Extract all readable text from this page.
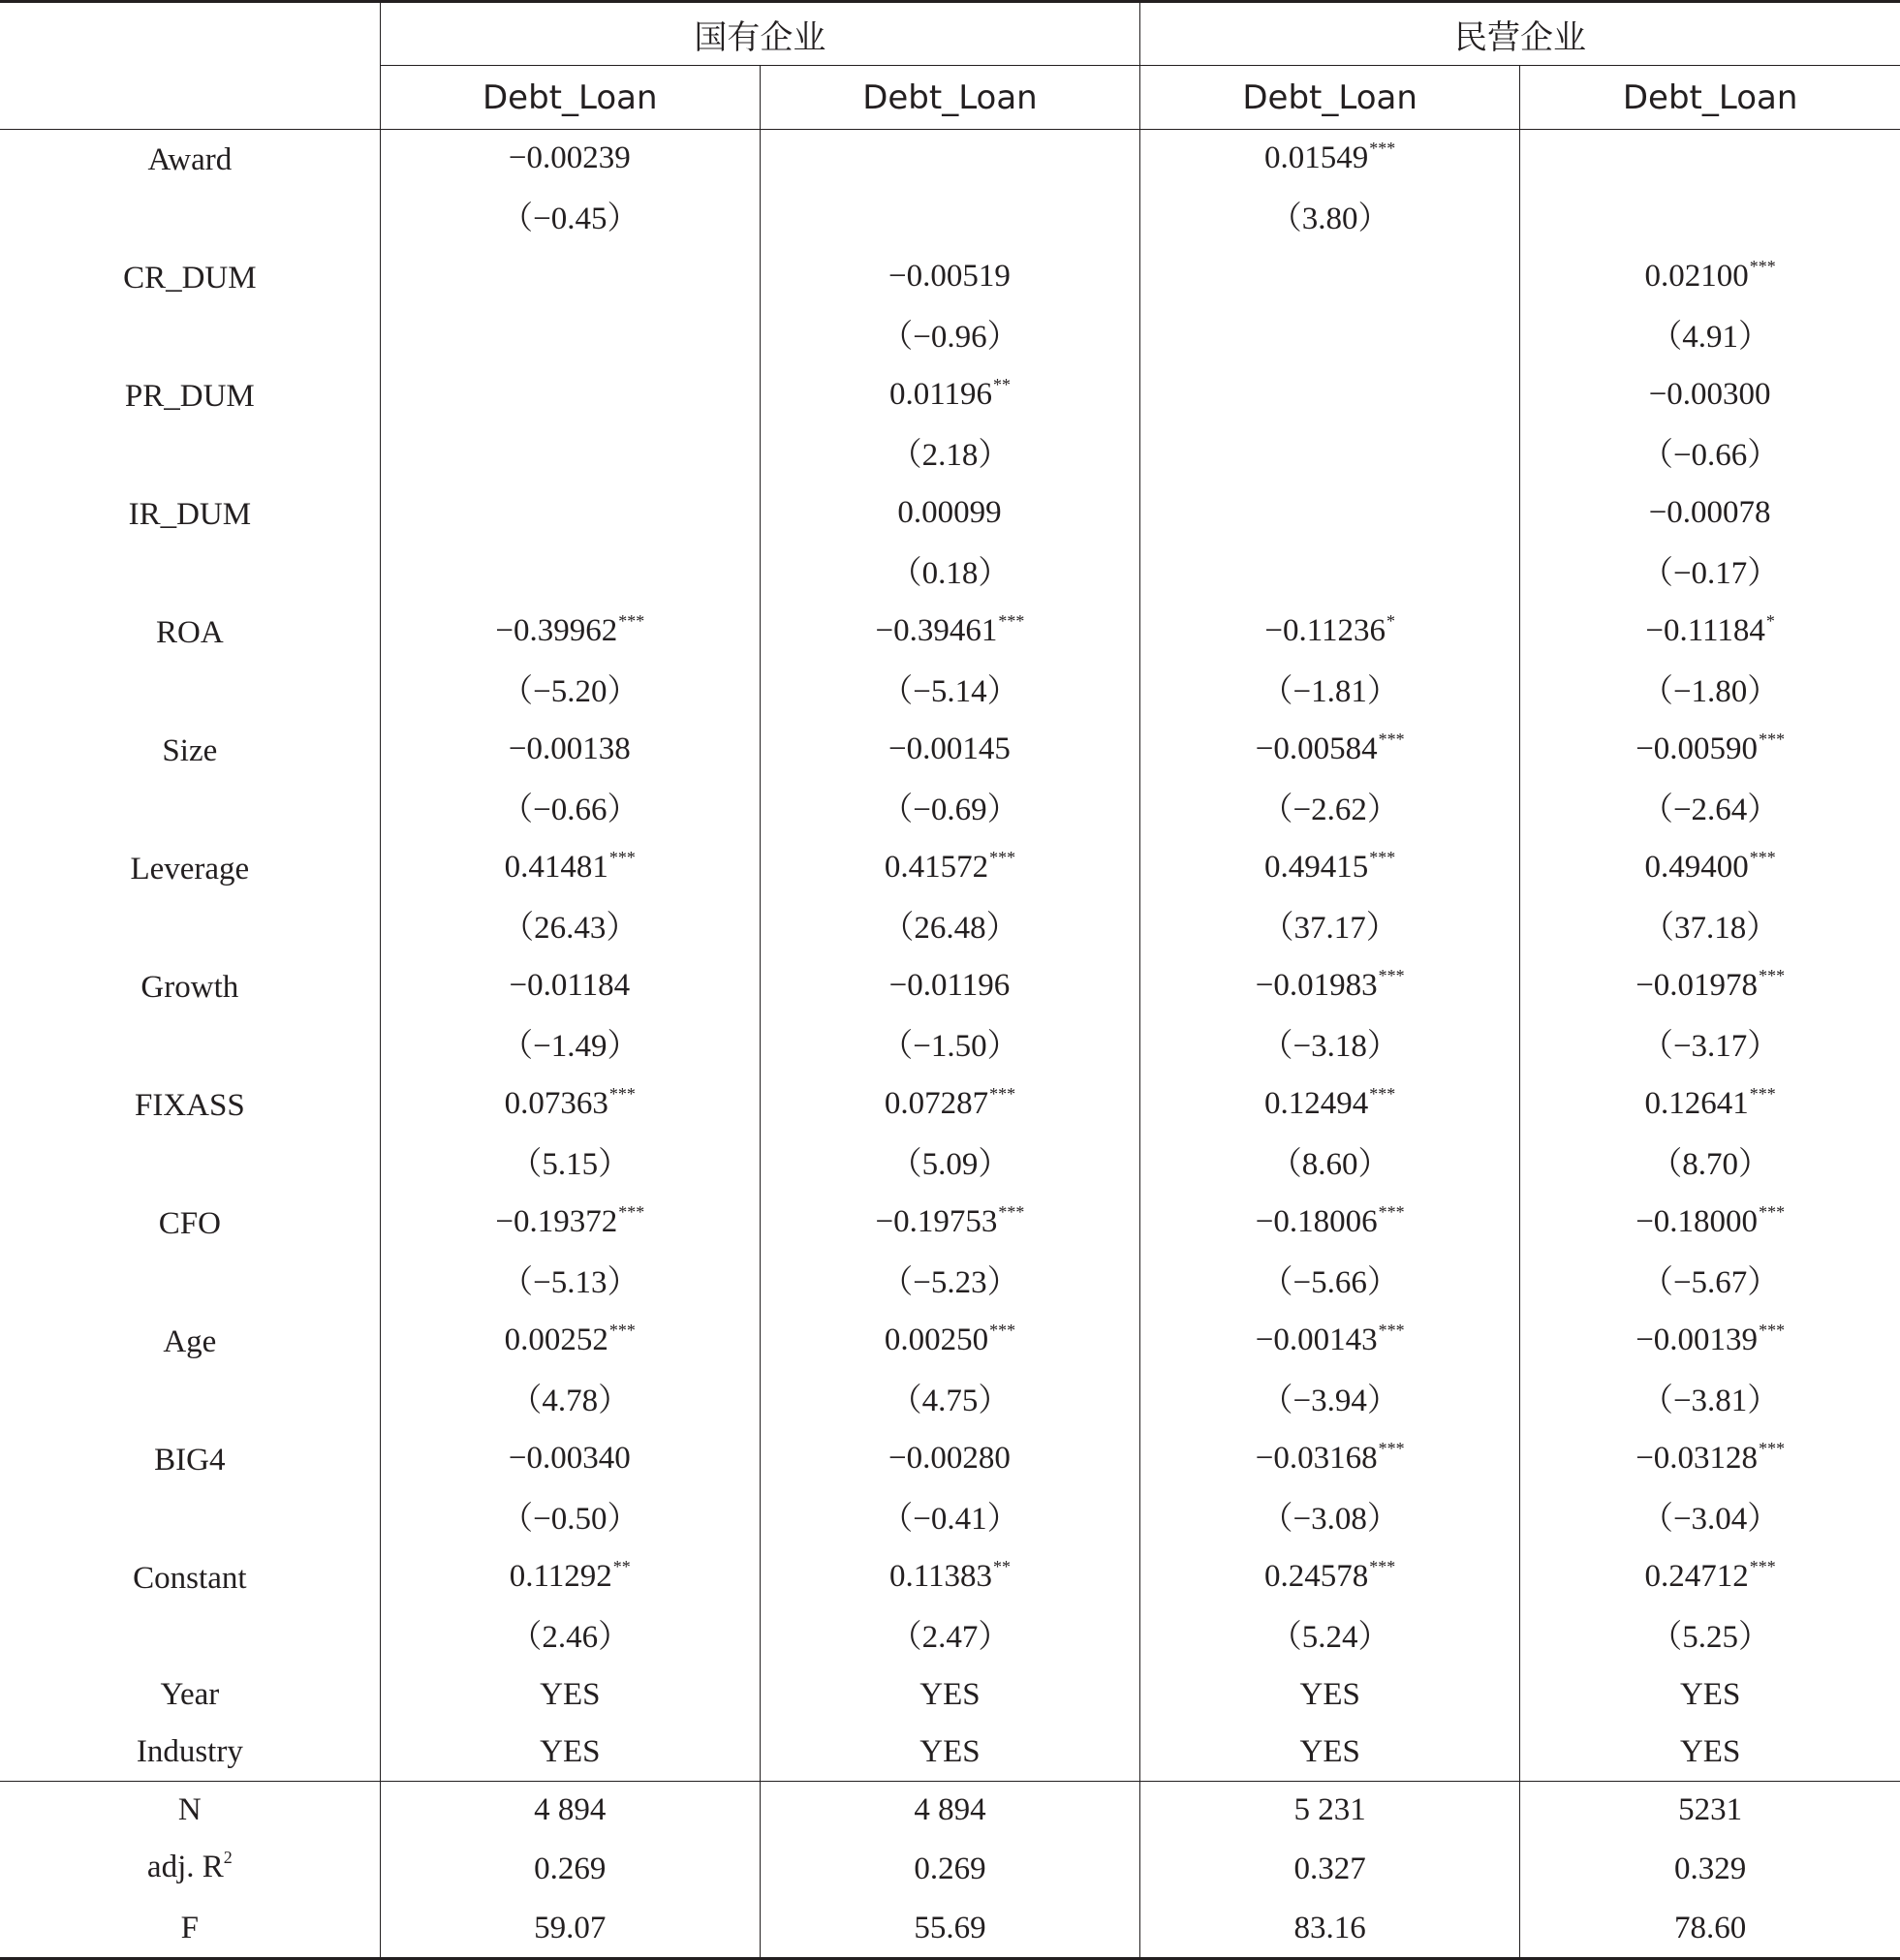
	国有企业		民营企业	
	Debt_Loan	Debt_Loan	Debt_Loan	Debt_Loan
Award	−0.00239		0.01549***	
	（−0.45）		（3.80）	
CR_DUM		−0.00519		0.02100***
		（−0.96）		（4.91）
PR_DUM		0.01196**		−0.00300
		（2.18）		（−0.66）
IR_DUM		0.00099		−0.00078
		（0.18）		（−0.17）
ROA	−0.39962***	−0.39461***	−0.11236*	−0.11184*
	（−5.20）	（−5.14）	（−1.81）	（−1.80）
Size	−0.00138	−0.00145	−0.00584***	−0.00590***
	（−0.66）	（−0.69）	（−2.62）	（−2.64）
Leverage	0.41481***	0.41572***	0.49415***	0.49400***
	（26.43）	（26.48）	（37.17）	（37.18）
Growth	−0.01184	−0.01196	−0.01983***	−0.01978***
	（−1.49）	（−1.50）	（−3.18）	（−3.17）
FIXASS	0.07363***	0.07287***	0.12494***	0.12641***
	（5.15）	（5.09）	（8.60）	（8.70）
CFO	−0.19372***	−0.19753***	−0.18006***	−0.18000***
	（−5.13）	（−5.23）	（−5.66）	（−5.67）
Age	0.00252***	0.00250***	−0.00143***	−0.00139***
	（4.78）	（4.75）	（−3.94）	（−3.81）
BIG4	−0.00340	−0.00280	−0.03168***	−0.03128***
	（−0.50）	（−0.41）	（−3.08）	（−3.04）
Constant	0.11292**	0.11383**	0.24578***	0.24712***
	（2.46）	（2.47）	（5.24）	（5.25）
Year	YES	YES	YES	YES
Industry	YES	YES	YES	YES
N	4 894	4 894	5 231	5231
adj. $R^2$	0.269	0.269	0.327	0.329
F	59.07	55.69	83.16	78.60
